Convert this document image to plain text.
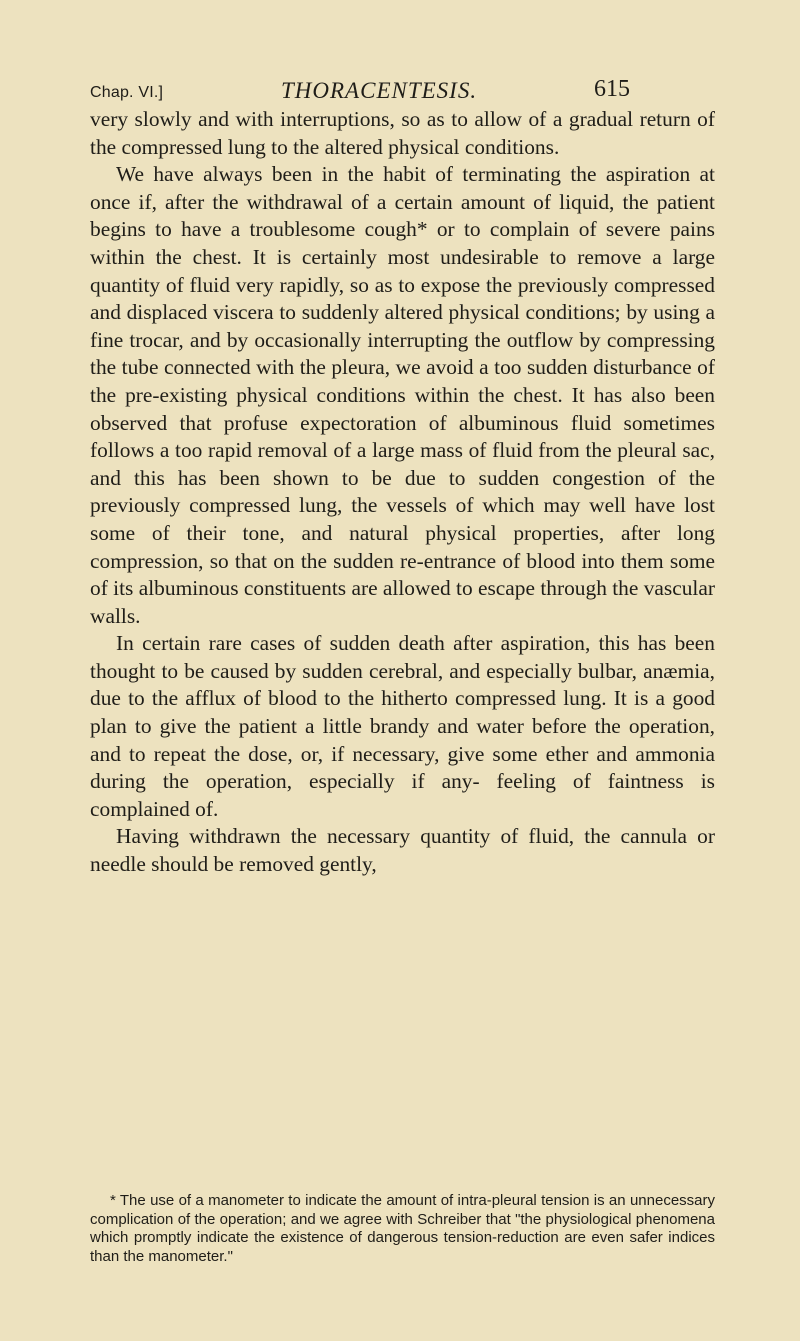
Chap. VI.]	THORACENTESIS.	615

very slowly and with interruptions, so as to allow of a gradual return of the compressed lung to the altered physical conditions.

We have always been in the habit of terminating the aspiration at once if, after the withdrawal of a certain amount of liquid, the patient begins to have a troublesome cough* or to complain of severe pains within the chest. It is certainly most undesirable to remove a large quantity of fluid very rapidly, so as to expose the previously compressed and displaced viscera to suddenly altered physical conditions; by using a fine trocar, and by occasionally interrupting the outflow by compressing the tube connected with the pleura, we avoid a too sudden disturbance of the pre-existing physical conditions within the chest. It has also been observed that profuse expectoration of albuminous fluid sometimes follows a too rapid removal of a large mass of fluid from the pleural sac, and this has been shown to be due to sudden congestion of the previously compressed lung, the vessels of which may well have lost some of their tone, and natural physical properties, after long compression, so that on the sudden re-entrance of blood into them some of its albuminous constituents are allowed to escape through the vascular walls.

In certain rare cases of sudden death after aspiration, this has been thought to be caused by sudden cerebral, and especially bulbar, anæmia, due to the afflux of blood to the hitherto compressed lung. It is a good plan to give the patient a little brandy and water before the operation, and to repeat the dose, or, if necessary, give some ether and ammonia during the operation, especially if any- feeling of faintness is complained of.

Having withdrawn the necessary quantity of fluid, the cannula or needle should be removed gently,

* The use of a manometer to indicate the amount of intra-pleural tension is an unnecessary complication of the operation; and we agree with Schreiber that "the physiological phenomena which promptly indicate the existence of dangerous tension-reduction are even safer indices than the manometer."
